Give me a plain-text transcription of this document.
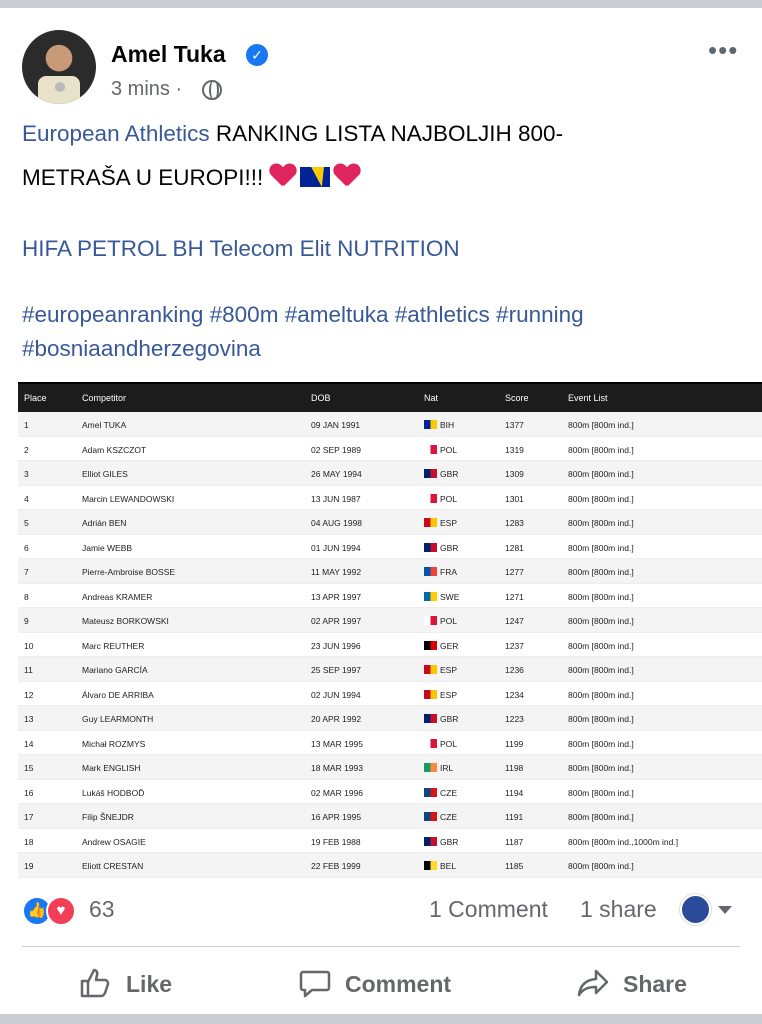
Amel Tuka	✓
3 mins ·
•••
European Athletics RANKING LISTA NAJBOLJIH 800-
METRAŠA U EUROPI!!!
HIFA PETROL BH Telecom Elit NUTRITION
#europeanranking #800m #ameltuka #athletics #running
#bosniaandherzegovina
Place	Competitor	DOB	Nat	Score	Event List
1	Amel TUKA	09 JAN 1991	BIH	1377	800m [800m ind.]
2	Adam KSZCZOT	02 SEP 1989	POL	1319	800m [800m ind.]
3	Elliot GILES	26 MAY 1994	GBR	1309	800m [800m ind.]
4	Marcin LEWANDOWSKI	13 JUN 1987	POL	1301	800m [800m ind.]
5	Adrián BEN	04 AUG 1998	ESP	1283	800m [800m ind.]
6	Jamie WEBB	01 JUN 1994	GBR	1281	800m [800m ind.]
7	Pierre-Ambroise BOSSE	11 MAY 1992	FRA	1277	800m [800m ind.]
8	Andreas KRAMER	13 APR 1997	SWE	1271	800m [800m ind.]
9	Mateusz BORKOWSKI	02 APR 1997	POL	1247	800m [800m ind.]
10	Marc REUTHER	23 JUN 1996	GER	1237	800m [800m ind.]
11	Mariano GARCÍA	25 SEP 1997	ESP	1236	800m [800m ind.]
12	Álvaro DE ARRIBA	02 JUN 1994	ESP	1234	800m [800m ind.]
13	Guy LEARMONTH	20 APR 1992	GBR	1223	800m [800m ind.]
14	Michał ROZMYS	13 MAR 1995	POL	1199	800m [800m ind.]
15	Mark ENGLISH	18 MAR 1993	IRL	1198	800m [800m ind.]
16	Lukáš HODBOĎ	02 MAR 1996	CZE	1194	800m [800m ind.]
17	Filip ŠNEJDR	16 APR 1995	CZE	1191	800m [800m ind.]
18	Andrew OSAGIE	19 FEB 1988	GBR	1187	800m [800m ind.,1000m ind.]
19	Eliott CRESTAN	22 FEB 1999	BEL	1185	800m [800m ind.]
👍 ♥	63	1 Comment 1 share
Like	Comment	Share
